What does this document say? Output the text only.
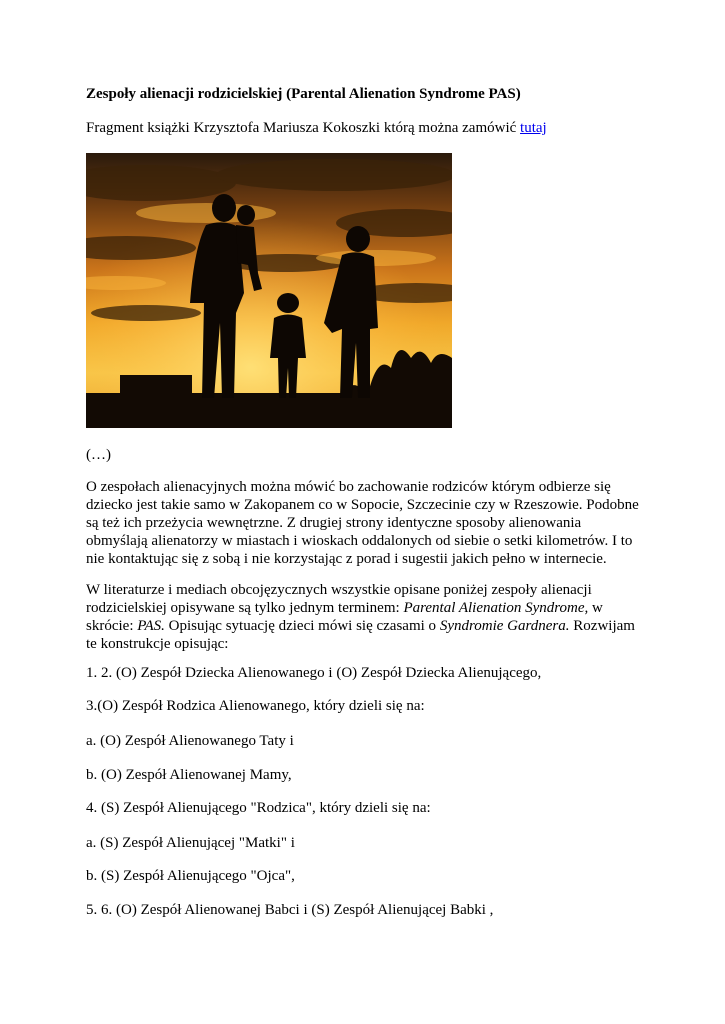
Zespoły alienacji rodzicielskiej (Parental Alienation Syndrome PAS)
Fragment książki Krzysztofa Mariusza Kokoszki którą można zamówić tutaj
(…)

O zespołach alienacyjnych można mówić bo zachowanie rodziców którym odbierze się dziecko jest takie samo w Zakopanem co w Sopocie, Szczecinie czy w Rzeszowie. Podobne są też ich przeżycia wewnętrzne. Z drugiej strony identyczne sposoby alienowania obmyślają alienatorzy w miastach i wioskach oddalonych od siebie o setki kilometrów. I to nie kontaktując się z sobą i nie korzystając z porad i sugestii jakich pełno w internecie.

W literaturze i mediach obcojęzycznych wszystkie opisane poniżej zespoły alienacji rodzicielskiej opisywane są tylko jednym terminem: Parental Alienation Syndrome, w skrócie: PAS. Opisując sytuację dzieci mówi się czasami o Syndromie Gardnera. Rozwijam te konstrukcje opisując:

1. 2. (O) Zespół Dziecka Alienowanego i (O) Zespół Dziecka Alienującego,
3.(O) Zespół Rodzica Alienowanego, który dzieli się na:
a. (O) Zespół Alienowanego Taty i
b. (O) Zespół Alienowanej Mamy,
4. (S) Zespół Alienującego "Rodzica", który dzieli się na:
a. (S) Zespół Alienującej "Matki" i
b. (S) Zespół Alienującego "Ojca",
5. 6. (O) Zespół Alienowanej Babci i (S) Zespół Alienującej Babki ,
